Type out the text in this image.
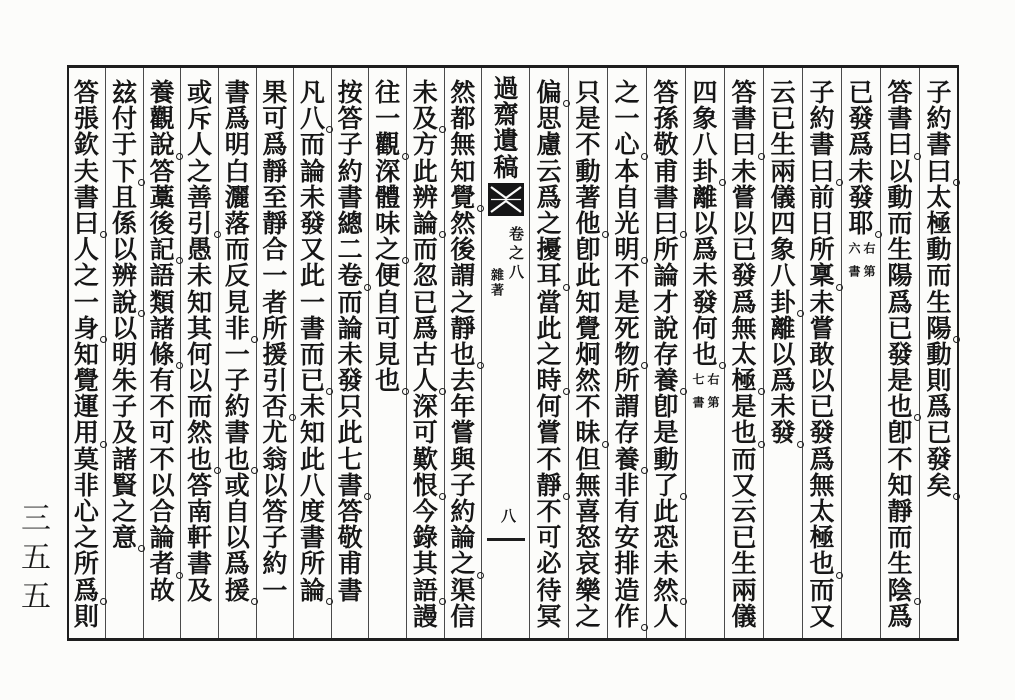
子
約
書
曰
太
極
動
而
生
陽
動
則
爲
已
發
矣
答
書
曰
以
動
而
生
陽
爲
已
發
是
也
卽
不
知
靜
而
生
陰
爲
已
發
爲
未
發
耶
右第六書
子
約
書
曰
前
日
所
稟
未
嘗
敢
以
已
發
爲
無
太
極
也
而
又
云
已
生
兩
儀
四
象
八
卦
離
以
爲
未
發
答
書
曰
未
嘗
以
已
發
爲
無
太
極
是
也
而
又
云
已
生
兩
儀
四
象
八
卦
離
以
爲
未
發
何
也
右第七書
答
孫
敬
甫
書
曰
所
論
才
說
存
養
卽
是
動
了
此
恐
未
然
人
之
一
心
本
自
光
明
不
是
死
物
所
謂
存
養
非
有
安
排
造
作
只
是
不
動
著
他
卽
此
知
覺
炯
然
不
昧
但
無
喜
怒
哀
樂
之
偏
思
慮
云
爲
之
擾
耳
當
此
之
時
何
嘗
不
靜
不
可
必
待
冥
過
齋
遺
稿
卷之八
雜著
八
然
都
無
知
覺
然
後
謂
之
靜
也
去
年
嘗
與
子
約
論
之
渠
信
未
及
方
此
辨
論
而
忽
已
爲
古
人
深
可
歎
恨
今
錄
其
語
謾
往
一
觀
深
體
味
之
便
自
可
見
也
按
答
子
約
書
總
二
卷
而
論
未
發
只
此
七
書
答
敬
甫
書
凡
八
而
論
未
發
又
此
一
書
而
已
未
知
此
八
度
書
所
論
果
可
爲
靜
至
靜
合
一
者
所
援
引
否
尤
翁
以
答
子
約
一
書
爲
明
白
灑
落
而
反
見
非
一
子
約
書
也
或
自
以
爲
援
或
斥
人
之
善
引
愚
未
知
其
何
以
而
然
也
答
南
軒
書
及
養
觀
說
答
藁
後
記
語
類
諸
條
有
不
可
不
以
合
論
者
故
玆
付
于
下
且
係
以
辨
說
以
明
朱
子
及
諸
賢
之
意
答
張
欽
夫
書
曰
人
之
一
身
知
覺
運
用
莫
非
心
之
所
爲
則
三五五
